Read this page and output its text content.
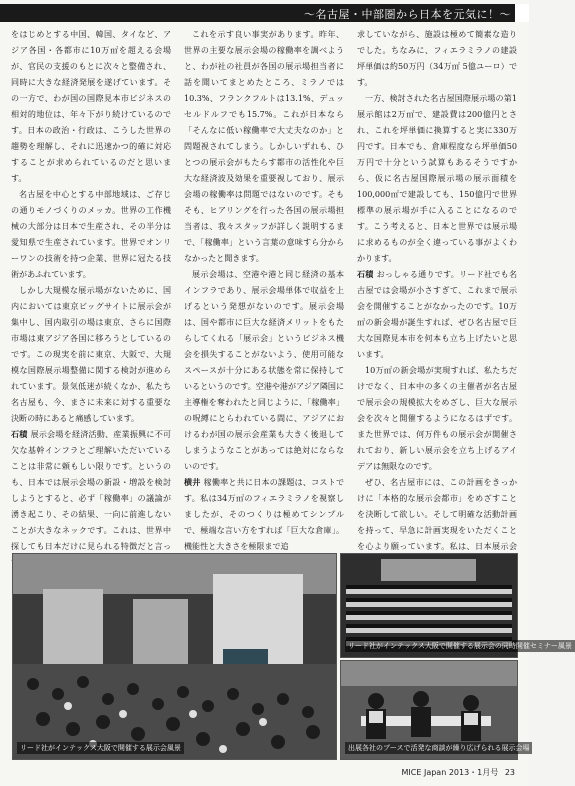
〜名古屋・中部圏から日本を元気に！〜

をはじめとする中国、韓国、タイなど、アジア各国・各都市に10万㎡を超える会場が、官民の支援のもとに次々と整備され、同時に大きな経済発展を遂げています。その一方で、わが国の国際見本市ビジネスの相対的地位は、年々下がり続けているのです。日本の政治・行政は、こうした世界の趨勢を理解し、それに迅速かつ的確に対応することが求められているのだと思います。

名古屋を中心とする中部地域は、ご存じの通りモノづくりのメッカ。世界の工作機械の大部分は日本で生産され、その半分は愛知県で生産されています。世界でオンリーワンの技術を持つ企業、世界に冠たる技術があふれています。

しかし大規模な展示場がないために、国内においては東京ビッグサイトに展示会が集中し、国内取引の場は東京、さらに国際市場は東アジア各国に移ろうとしているのです。この現実を前に東京、大阪で、大規模な国際展示場整備に関する検討が進められています。景気低迷が続くなか、私たち名古屋も、今、まさに未来に対する重要な決断の時にあると痛感しています。

石積 展示会場を経済活動、産業振興に不可欠な基幹インフラとご理解いただいていることは非常に頼もしい限りです。というのも、日本では展示会場の新設・増設を検討しようとすると、必ず「稼働率」の議論が湧き起こり、その結果、一向に前進しないことが大きなネックです。これは、世界中探しても日本だけに見られる特徴だと言っ

これを示す良い事実があります。昨年、世界の主要な展示会場の稼働率を調べようと、わが社の社員が各国の展示場担当者に話を聞いてまとめたところ、ミラノでは10.3%、フランクフルトは13.1%、デュッセルドルフでも15.7%。これが日本なら「そんなに低い稼働率で大丈夫なのか」と問題視されてしまう。しかしいずれも、ひとつの展示会がもたらす都市の活性化や巨大な経済波及効果を重要視しており、展示会場の稼働率は問題ではないのです。そもそも、ヒアリングを行った各国の展示場担当者は、我々スタッフが詳しく説明するまで、「稼働率」という言葉の意味すら分からなかったと聞きます。

展示会場は、空港や港と同じ経済の基本インフラであり、展示会場単体で収益を上げるという発想がないのです。展示会場は、国や都市に巨大な経済メリットをもたらしてくれる「展示会」というビジネス機会を損失することがないよう、使用可能なスペースが十分にある状態を常に保持しているというのです。空港や港がアジア隣国に主導権を奪われたと同じように、「稼働率」の呪縛にとらわれている間に、アジアにおけるわが国の展示会産業も大きく後退してしまうようなことがあっては絶対にならないのです。

横井 稼働率と共に日本の課題は、コストです。私は34万㎡のフィエラミラノを視察しましたが、そのつくりは極めてシンプルで、極端な言い方をすれば「巨大な倉庫」。機能性と大きさを極限まで追

求していながら、施設は極めて簡素な造りでした。ちなみに、フィエラミラノの建設坪単価は約50万円（34万㎡ 5億ユーロ）です。

一方、検討された名古屋国際展示場の第1展示館は2万㎡で、建設費は200億円とされ、これを坪単価に換算すると実に330万円です。日本でも、倉庫程度なら坪単価50万円で十分という試算もあるそうですから、仮に名古屋国際展示場の展示面積を100,000㎡で建設しても、150億円で世界標準の展示場が手に入ることになるのです。こう考えると、日本と世界では展示場に求めるものが全く違っている事がよくわかります。

石積 おっしゃる通りです。リード社でも名古屋では会場が小さすぎて、これまで展示会を開催することがなかったのです。10万㎡の新会場が誕生すれば、ぜひ名古屋で巨大な国際見本市を何本も立ち上げたいと思います。

10万㎡の新会場が実現すれば、私たちだけでなく、日本中の多くの主催者が名古屋で展示会の規模拡大をめざし、巨大な展示会を次々と開催するようになるはずです。また世界では、何万件もの展示会が開催されており、新しい展示会を立ち上げるアイデアは無限なのです。

ぜひ、名古屋市には、この計画をきっかけに「本格的な展示会都市」をめざすことを決断して欲しい。そして明確な活動計画を持って、早急に計画実現をいただくことを心より願っています。私は、日本展示会

リード社がインテックス大阪で開催する展示会風景
リード社がインテックス大阪で開催する展示会の同時開催セミナー風景
出展各社のブースで活発な商談が繰り広げられる展示会場
MICE Japan 2013・1月号 23
